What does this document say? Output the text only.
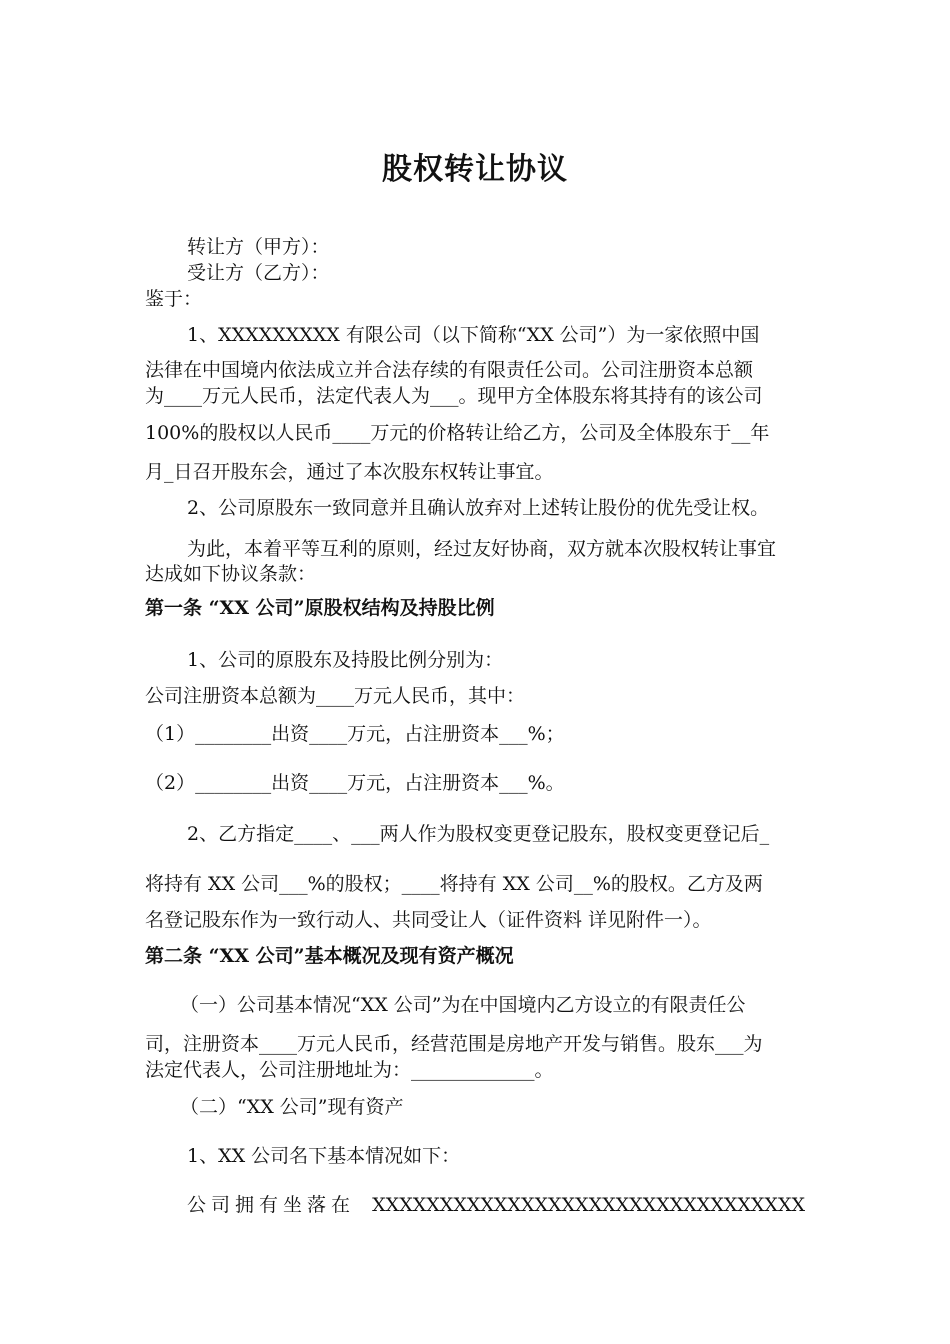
股权转让协议
转让方（甲方）：
受让方（乙方）：
鉴于：
1、XXXXXXXXX 有限公司（以下简称“XX 公司”）为一家依照中国
法律在中国境内依法成立并合法存续的有限责任公司。公司注册资本总额
为____万元人民币，法定代表人为___。现甲方全体股东将其持有的该公司
100%的股权以人民币____万元的价格转让给乙方，公司及全体股东于__年
月_日召开股东会，通过了本次股东权转让事宜。
2、公司原股东一致同意并且确认放弃对上述转让股份的优先受让权。
为此，本着平等互利的原则，经过友好协商，双方就本次股权转让事宜
达成如下协议条款：
第一条 “XX 公司”原股权结构及持股比例
1、公司的原股东及持股比例分别为：
公司注册资本总额为____万元人民币，其中：
（1）________出资____万元，占注册资本___%；
（2）________出资____万元，占注册资本___%。
2、乙方指定____、___两人作为股权变更登记股东，股权变更登记后_
将持有 XX 公司___%的股权；____将持有 XX 公司__%的股权。乙方及两
名登记股东作为一致行动人、共同受让人（证件资料 详见附件一）。
第二条 “XX 公司”基本概况及现有资产概况
（一）公司基本情况“XX 公司”为在中国境内乙方设立的有限责任公
司，注册资本____万元人民币，经营范围是房地产开发与销售。股东___为
法定代表人，公司注册地址为：_____________。
（二）“XX 公司”现有资产
1、XX 公司名下基本情况如下：
公司拥有坐落在 XXXXXXXXXXXXXXXXXXXXXXXXXXXXXXXX
